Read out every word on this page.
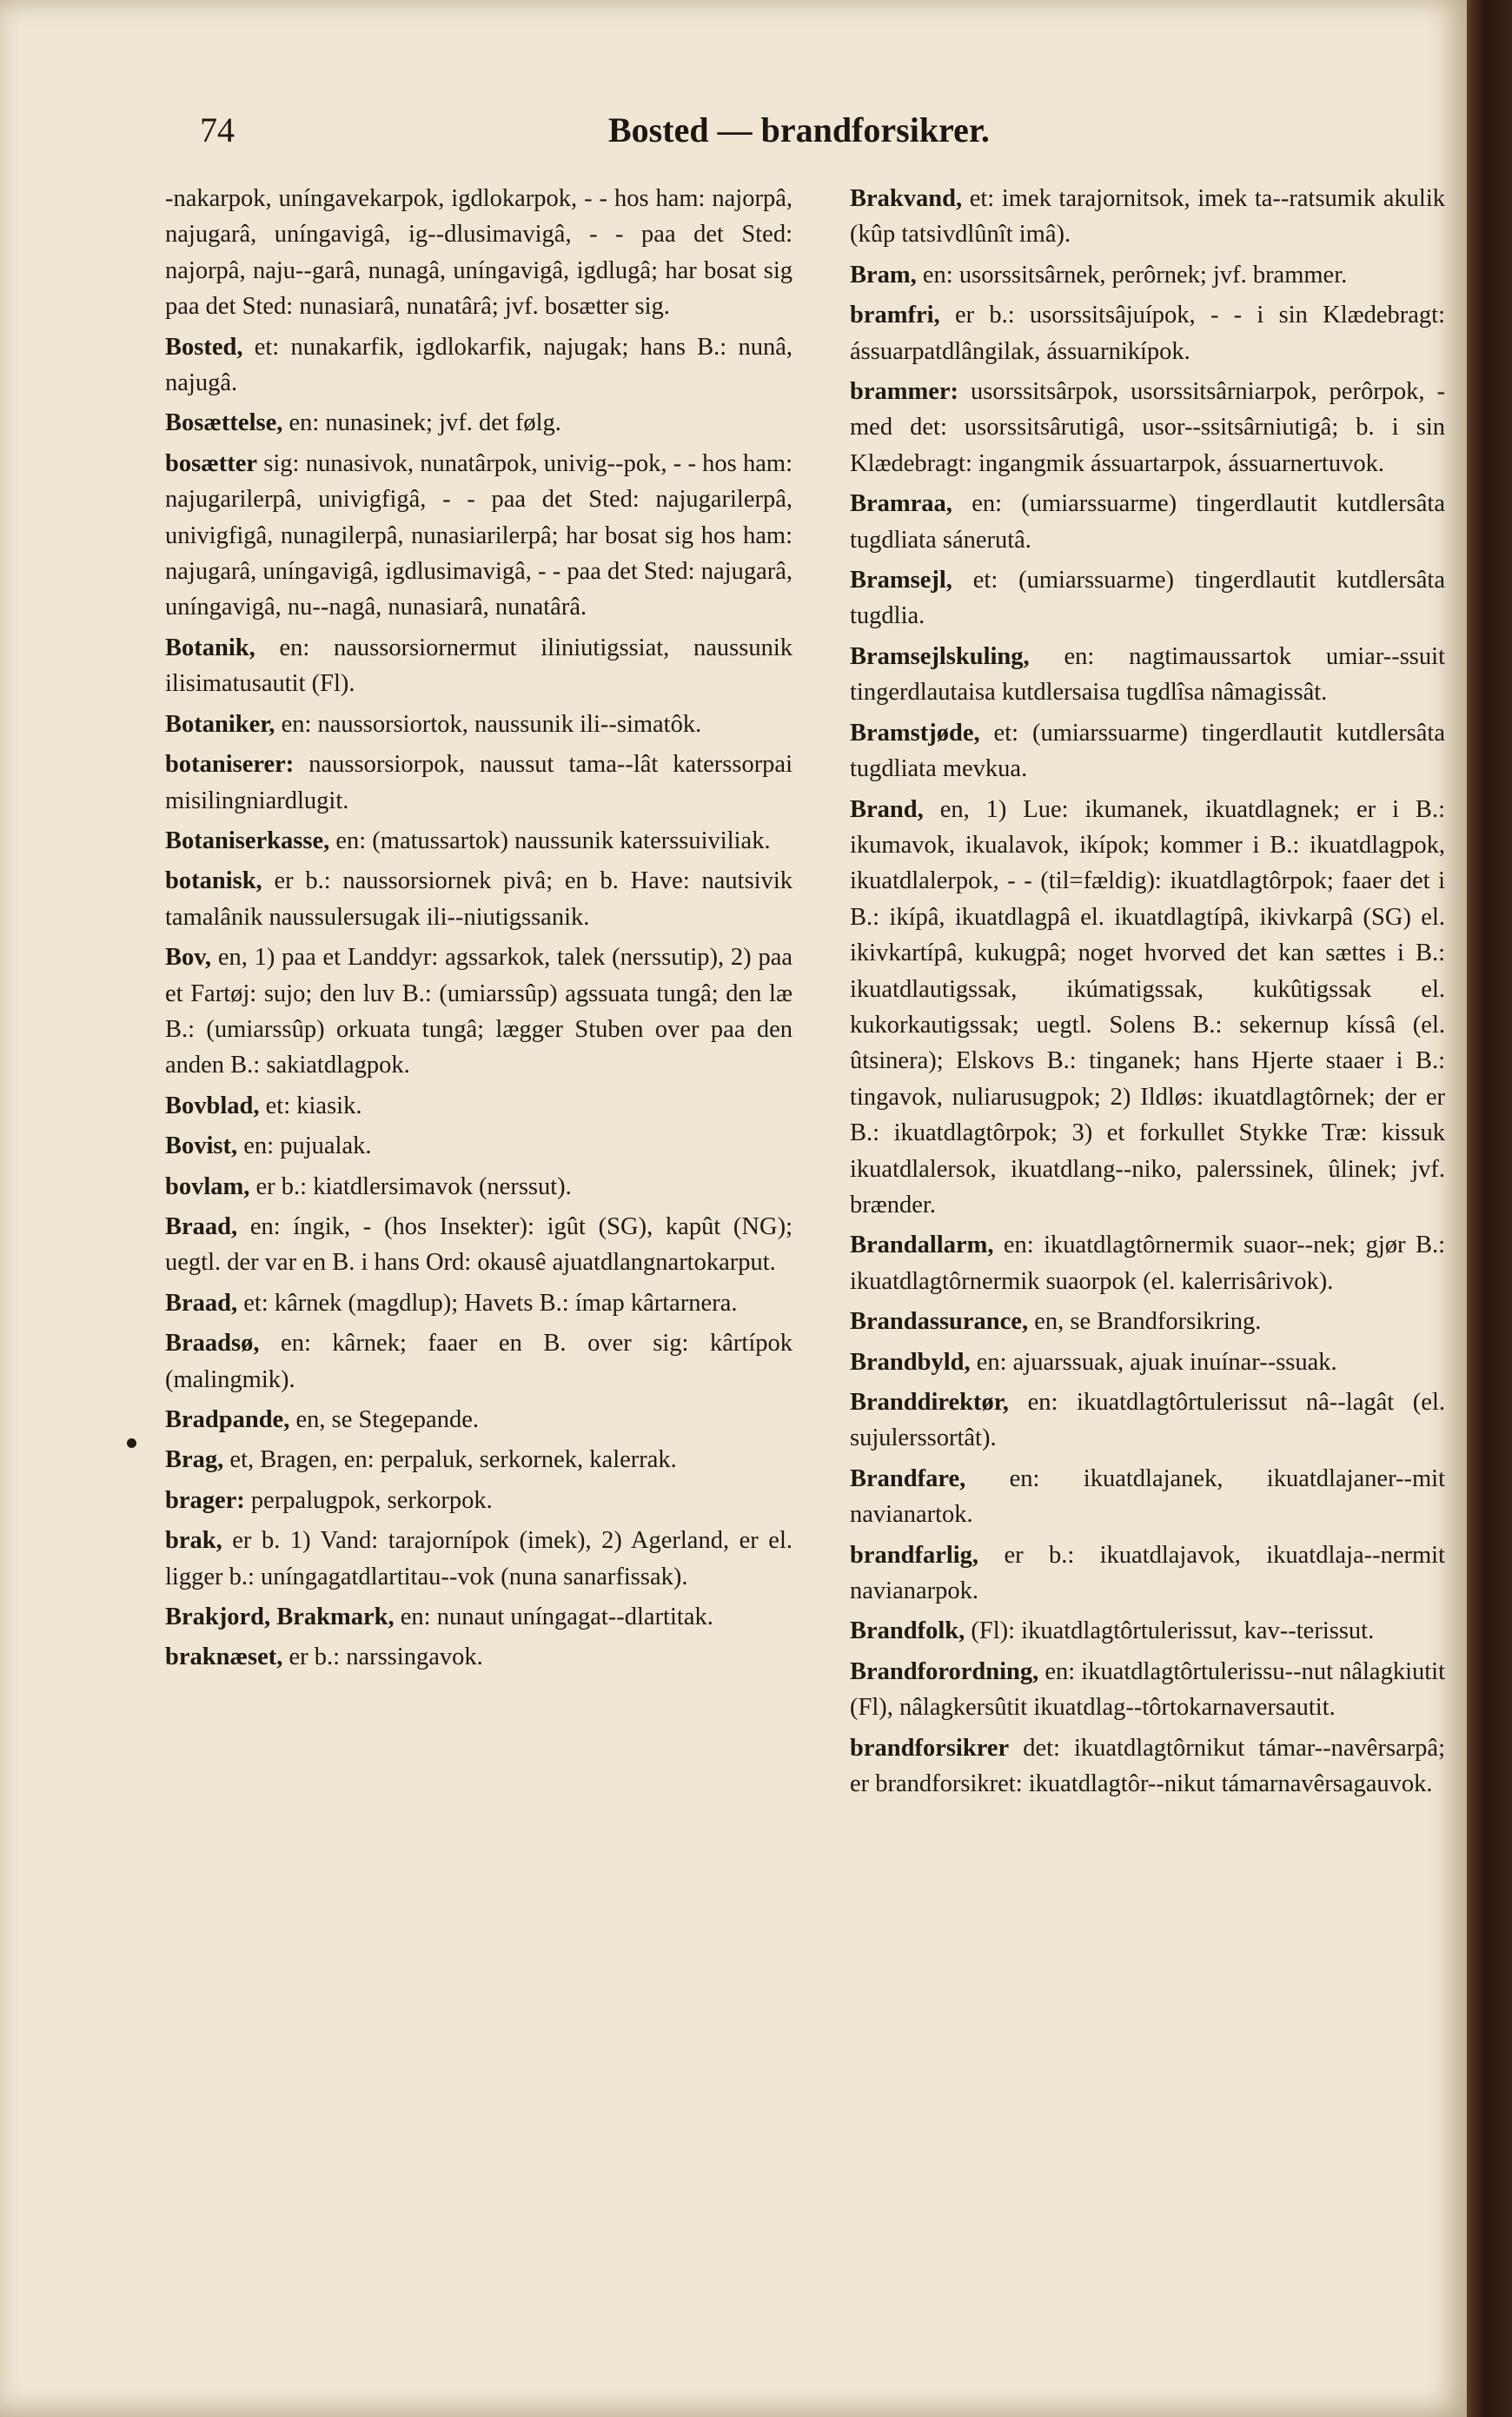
74	Bosted — brandforsikrer.
-nakarpok, uníngavekarpok, igdlokarpok, - - hos ham: najorpâ, najugarâ, uníngavigâ, ig--dlusimavigâ, - - paa det Sted: najorpâ, naju--garâ, nunagâ, uníngavigâ, igdlugâ; har bosat sig paa det Sted: nunasiarâ, nunatârâ; jvf. bosætter sig.
Bosted, et: nunakarfik, igdlokarfik, najugak; hans B.: nunâ, najugâ.
Bosættelse, en: nunasinek; jvf. det følg.
bosætter sig: nunasivok, nunatârpok, univig--pok, - - hos ham: najugarilerpâ, univigfigâ, - - paa det Sted: najugarilerpâ, univigfigâ, nunagilerpâ, nunasiarilerpâ; har bosat sig hos ham: najugarâ, uníngavigâ, igdlusimavigâ, - - paa det Sted: najugarâ, uníngavigâ, nu--nagâ, nunasiarâ, nunatârâ.
Botanik, en: naussorsiornermut iliniutigssiat, naussunik ilisimatusautit (Fl).
Botaniker, en: naussorsiortok, naussunik ili--simatôk.
botaniserer: naussorsiorpok, naussut tama--lât katerssorpai misilingniardlugit.
Botaniserkasse, en: (matussartok) naussunik katerssuiviliak.
botanisk, er b.: naussorsiornek pivâ; en b. Have: nautsivik tamalânik naussulersugak ili--niutigssanik.
Bov, en, 1) paa et Landdyr: agssarkok, talek (nerssutip), 2) paa et Fartøj: sujo; den luv B.: (umiarssûp) agssuata tungâ; den læ B.: (umiarssûp) orkuata tungâ; lægger Stuben over paa den anden B.: sakiatdlagpok.
Bovblad, et: kiasik.
Bovist, en: pujualak.
bovlam, er b.: kiatdlersimavok (nerssut).
Braad, en: íngik, - (hos Insekter): igût (SG), kapût (NG); uegtl. der var en B. i hans Ord: okausê ajuatdlangnartokarput.
Braad, et: kârnek (magdlup); Havets B.: ímap kârtarnera.
Braadsø, en: kârnek; faaer en B. over sig: kârtípok (malingmik).
Bradpande, en, se Stegepande.
Brag, et, Bragen, en: perpaluk, serkornek, kalerrak.
brager: perpalugpok, serkorpok.
brak, er b. 1) Vand: tarajornípok (imek), 2) Agerland, er el. ligger b.: uníngagatdlartitau--vok (nuna sanarfissak).
Brakjord, Brakmark, en: nunaut uníngagat--dlartitak.
braknæset, er b.: narssingavok.
Brakvand, et: imek tarajornitsok, imek ta--ratsumik akulik (kûp tatsivdlûnît imâ).
Bram, en: usorssitsârnek, perôrnek; jvf. brammer.
bramfri, er b.: usorssitsâjuípok, - - i sin Klædebragt: ássuarpatdlângilak, ássuarnikípok.
brammer: usorssitsârpok, usorssitsârniarpok, perôrpok, - med det: usorssitsârutigâ, usor--ssitsârniutigâ; b. i sin Klædebragt: ingangmik ássuartarpok, ássuarnertuvok.
Bramraa, en: (umiarssuarme) tingerdlautit kutdlersâta tugdliata sánerutâ.
Bramsejl, et: (umiarssuarme) tingerdlautit kutdlersâta tugdlia.
Bramsejlskuling, en: nagtimaussartok umiar--ssuit tingerdlautaisa kutdlersaisa tugdlîsa nâmagissât.
Bramstjøde, et: (umiarssuarme) tingerdlautit kutdlersâta tugdliata mevkua.
Brand, en, 1) Lue: ikumanek, ikuatdlagnek; er i B.: ikumavok, ikualavok, ikípok; kommer i B.: ikuatdlagpok, ikuatdlalerpok, - - (til=fældig): ikuatdlagtôrpok; faaer det i B.: ikípâ, ikuatdlagpâ el. ikuatdlagtípâ, ikivkarpâ (SG) el. ikivkartípâ, kukugpâ; noget hvorved det kan sættes i B.: ikuatdlautigssak, ikúmatigssak, kukûtigssak el. kukorkautigssak; uegtl. Solens B.: sekernup kíssâ (el. ûtsinera); Elskovs B.: tinganek; hans Hjerte staaer i B.: tingavok, nuliarusugpok; 2) Ildløs: ikuatdlagtôrnek; der er B.: ikuatdlagtôrpok; 3) et forkullet Stykke Træ: kissuk ikuatdlalersok, ikuatdlang--niko, palerssinek, ûlinek; jvf. brænder.
Brandallarm, en: ikuatdlagtôrnermik suaor--nek; gjør B.: ikuatdlagtôrnermik suaorpok (el. kalerrisârivok).
Brandassurance, en, se Brandforsikring.
Brandbyld, en: ajuarssuak, ajuak inuínar--ssuak.
Branddirektør, en: ikuatdlagtôrtulerissut nâ--lagât (el. sujulerssortât).
Brandfare, en: ikuatdlajanek, ikuatdlajaner--mit navianartok.
brandfarlig, er b.: ikuatdlajavok, ikuatdlaja--nermit navianarpok.
Brandfolk, (Fl): ikuatdlagtôrtulerissut, kav--terissut.
Brandforordning, en: ikuatdlagtôrtulerissu--nut nâlagkiutit (Fl), nâlagkersûtit ikuatdlag--tôrtokarnaversautit.
brandforsikrer det: ikuatdlagtôrnikut támar--navêrsarpâ; er brandforsikret: ikuatdlagtôr--nikut támarnavêrsagauvok.
